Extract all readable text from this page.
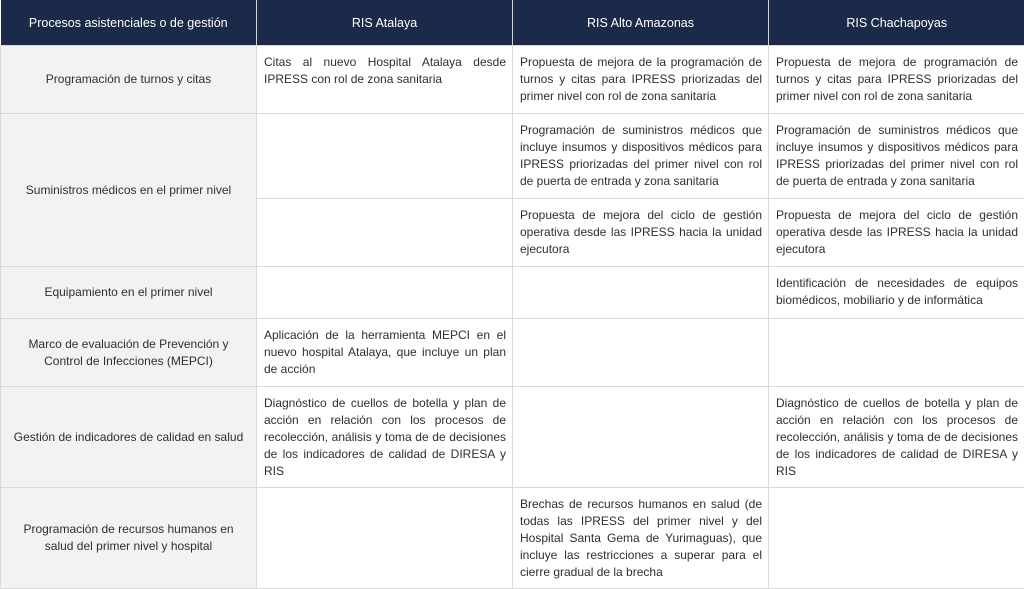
Procesos asistenciales o de gestión	RIS Atalaya	RIS Alto Amazonas	RIS Chachapoyas
Programación de turnos y citas	Citas al nuevo Hospital Atalaya desde IPRESS con rol de zona sanitaria	Propuesta de mejora de la programación de turnos y citas para IPRESS priorizadas del primer nivel con rol de zona sanitaria	Propuesta de mejora de programación de turnos y citas para IPRESS priorizadas del primer nivel con rol de zona sanitaria
Suministros médicos en el primer nivel		Programación de suministros médicos que incluye insumos y dispositivos médicos para IPRESS priorizadas del primer nivel con rol de puerta de entrada y zona sanitaria	Programación de suministros médicos que incluye insumos y dispositivos médicos para IPRESS priorizadas del primer nivel con rol de puerta de entrada y zona sanitaria
		Propuesta de mejora del ciclo de gestión operativa desde las IPRESS hacia la unidad ejecutora	Propuesta de mejora del ciclo de gestión operativa desde las IPRESS hacia la unidad ejecutora
Equipamiento en el primer nivel			Identificación de necesidades de equipos biomédicos, mobiliario y de informática
Marco de evaluación de Prevención y Control de Infecciones (MEPCI)	Aplicación de la herramienta MEPCI en el nuevo hospital Atalaya, que incluye un plan de acción		
Gestión de indicadores de calidad en salud	Diagnóstico de cuellos de botella y plan de acción en relación con los procesos de recolección, análisis y toma de de decisiones de los indicadores de calidad de DIRESA y RIS		Diagnóstico de cuellos de botella y plan de acción en relación con los procesos de recolección, análisis y toma de de decisiones de los indicadores de calidad de DIRESA y RIS
Programación de recursos humanos en salud del primer nivel y hospital		Brechas de recursos humanos en salud (de todas las IPRESS del primer nivel y del Hospital Santa Gema de Yurimaguas), que incluye las restricciones a superar para el cierre gradual de la brecha	
